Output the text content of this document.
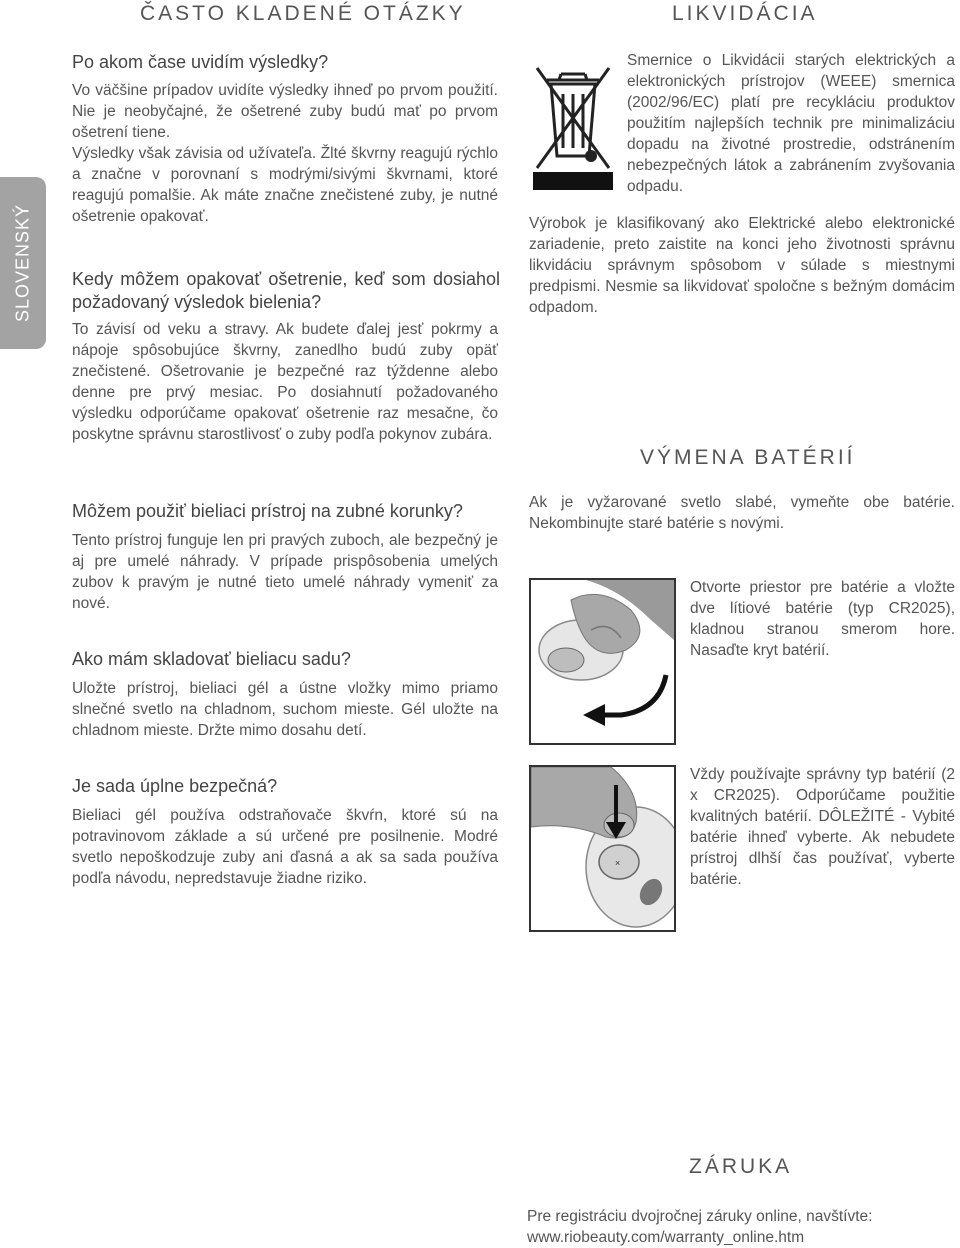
ČASTO KLADENÉ OTÁZKY
SLOVENSKÝ
Po akom čase uvidím výsledky?

Vo väčšine prípadov uvidíte výsledky ihneď po prvom použití. Nie je neobyčajné, že ošetrené zuby budú mať po prvom ošetrení tiene.
Výsledky však závisia od užívateľa. Žlté škvrny reagujú rýchlo a značne v porovnaní s modrými/sivými škvrnami, ktoré reagujú pomalšie. Ak máte značne znečistené zuby, je nutné ošetrenie opakovať.

Kedy môžem opakovať ošetrenie, keď som dosiahol požadovaný výsledok bielenia?

To závisí od veku a stravy. Ak budete ďalej jesť pokrmy a nápoje spôsobujúce škvrny, zanedlho budú zuby opäť znečistené. Ošetrovanie je bezpečné raz týždenne alebo denne pre prvý mesiac. Po dosiahnutí požadovaného výsledku odporúčame opakovať ošetrenie raz mesačne, čo poskytne správnu starostlivosť o zuby podľa pokynov zubára.

Môžem použiť bieliaci prístroj na zubné korunky?

Tento prístroj funguje len pri pravých zuboch, ale bezpečný je aj pre umelé náhrady. V prípade prispôsobenia umelých zubov k pravým je nutné tieto umelé náhrady vymeniť za nové.

Ako mám skladovať bieliacu sadu?

Uložte prístroj, bieliaci gél a ústne vložky mimo priamo slnečné svetlo na chladnom, suchom mieste. Gél uložte na chladnom mieste. Držte mimo dosahu detí.

Je sada úplne bezpečná?

Bieliaci gél používa odstraňovače škvŕn, ktoré sú na potravinovom základe a sú určené pre posilnenie. Modré svetlo nepoškodzuje zuby ani ďasná a ak sa sada používa podľa návodu, nepredstavuje žiadne riziko.

LIKVIDÁCIA

Smernice o Likvidácii starých elektrických a elektronických prístrojov (WEEE) smernica (2002/96/EC) platí pre recykláciu produktov použitím najlepších technik pre minimalizáciu dopadu na životné prostredie, odstránením nebezpečných látok a zabránením zvyšovania odpadu.

Výrobok je klasifikovaný ako Elektrické alebo elektronické zariadenie, preto zaistite na konci jeho životnosti správnu likvidáciu správnym spôsobom v súlade s miestnymi predpismi. Nesmie sa likvidovať spoločne s bežným domácim odpadom.

VÝMENA BATÉRIÍ

Ak je vyžarované svetlo slabé, vymeňte obe batérie. Nekombinujte staré batérie s novými.

Otvorte priestor pre batérie a vložte dve lítiové batérie (typ CR2025), kladnou stranou smerom hore. Nasaďte kryt batérií.

×

Vždy používajte správny typ batérií (2 x CR2025). Odporúčame použitie kvalitných batérií. DÔLEŽITÉ - Vybité batérie ihneď vyberte. Ak nebudete prístroj dlhší čas používať, vyberte batérie.

ZÁRUKA

Pre registráciu dvojročnej záruky online, navštívte:
www.riobeauty.com/warranty_online.htm
